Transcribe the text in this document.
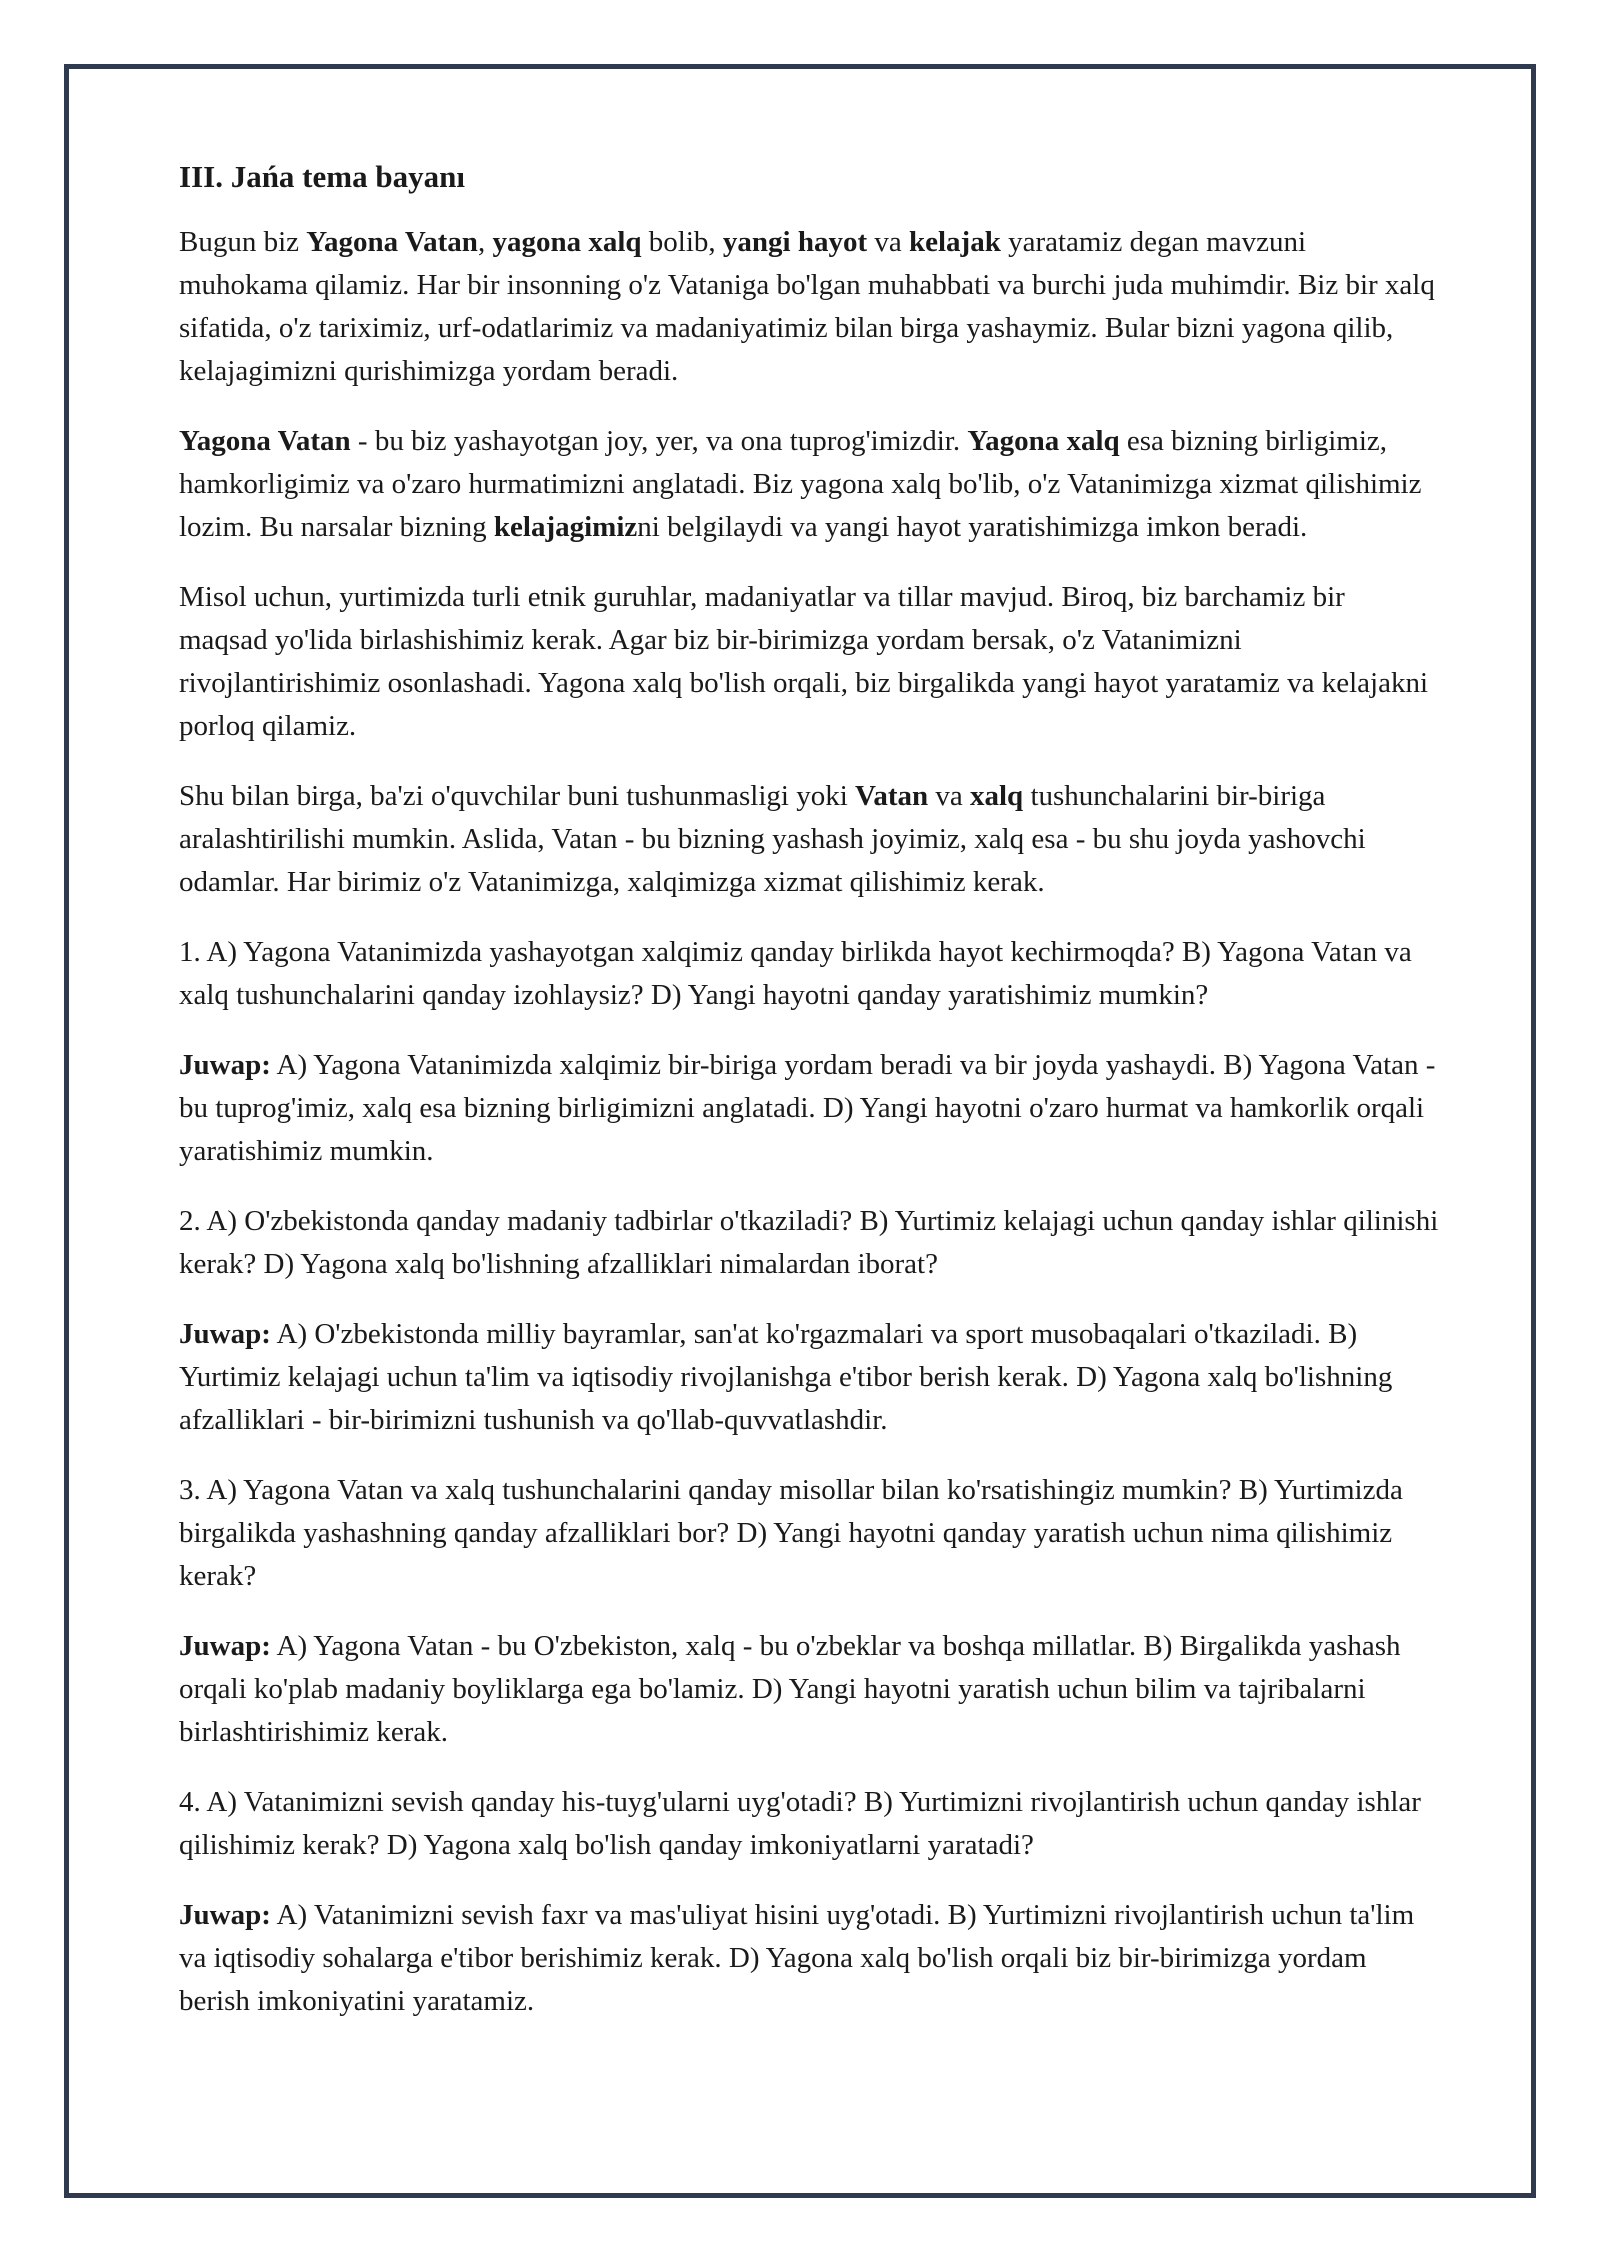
III. Jańa tema bayanı

Bugun biz Yagona Vatan, yagona xalq bolib, yangi hayot va kelajak yaratamiz degan mavzuni muhokama qilamiz. Har bir insonning o'z Vataniga bo'lgan muhabbati va burchi juda muhimdir. Biz bir xalq sifatida, o'z tariximiz, urf-odatlarimiz va madaniyatimiz bilan birga yashaymiz. Bular bizni yagona qilib, kelajagimizni qurishimizga yordam beradi.

Yagona Vatan - bu biz yashayotgan joy, yer, va ona tuprog'imizdir. Yagona xalq esa bizning birligimiz, hamkorligimiz va o'zaro hurmatimizni anglatadi. Biz yagona xalq bo'lib, o'z Vatanimizga xizmat qilishimiz lozim. Bu narsalar bizning kelajagimizni belgilaydi va yangi hayot yaratishimizga imkon beradi.

Misol uchun, yurtimizda turli etnik guruhlar, madaniyatlar va tillar mavjud. Biroq, biz barchamiz bir maqsad yo'lida birlashishimiz kerak. Agar biz bir-birimizga yordam bersak, o'z Vatanimizni rivojlantirishimiz osonlashadi. Yagona xalq bo'lish orqali, biz birgalikda yangi hayot yaratamiz va kelajakni porloq qilamiz.

Shu bilan birga, ba'zi o'quvchilar buni tushunmasligi yoki Vatan va xalq tushunchalarini bir-biriga aralashtirilishi mumkin. Aslida, Vatan - bu bizning yashash joyimiz, xalq esa - bu shu joyda yashovchi odamlar. Har birimiz o'z Vatanimizga, xalqimizga xizmat qilishimiz kerak.

1. A) Yagona Vatanimizda yashayotgan xalqimiz qanday birlikda hayot kechirmoqda? B) Yagona Vatan va xalq tushunchalarini qanday izohlaysiz? D) Yangi hayotni qanday yaratishimiz mumkin?

Juwap: A) Yagona Vatanimizda xalqimiz bir-biriga yordam beradi va bir joyda yashaydi. B) Yagona Vatan - bu tuprog'imiz, xalq esa bizning birligimizni anglatadi. D) Yangi hayotni o'zaro hurmat va hamkorlik orqali yaratishimiz mumkin.

2. A) O'zbekistonda qanday madaniy tadbirlar o'tkaziladi? B) Yurtimiz kelajagi uchun qanday ishlar qilinishi kerak? D) Yagona xalq bo'lishning afzalliklari nimalardan iborat?

Juwap: A) O'zbekistonda milliy bayramlar, san'at ko'rgazmalari va sport musobaqalari o'tkaziladi. B) Yurtimiz kelajagi uchun ta'lim va iqtisodiy rivojlanishga e'tibor berish kerak. D) Yagona xalq bo'lishning afzalliklari - bir-birimizni tushunish va qo'llab-quvvatlashdir.

3. A) Yagona Vatan va xalq tushunchalarini qanday misollar bilan ko'rsatishingiz mumkin? B) Yurtimizda birgalikda yashashning qanday afzalliklari bor? D) Yangi hayotni qanday yaratish uchun nima qilishimiz kerak?

Juwap: A) Yagona Vatan - bu O'zbekiston, xalq - bu o'zbeklar va boshqa millatlar. B) Birgalikda yashash orqali ko'plab madaniy boyliklarga ega bo'lamiz. D) Yangi hayotni yaratish uchun bilim va tajribalarni birlashtirishimiz kerak.

4. A) Vatanimizni sevish qanday his-tuyg'ularni uyg'otadi? B) Yurtimizni rivojlantirish uchun qanday ishlar qilishimiz kerak? D) Yagona xalq bo'lish qanday imkoniyatlarni yaratadi?

Juwap: A) Vatanimizni sevish faxr va mas'uliyat hisini uyg'otadi. B) Yurtimizni rivojlantirish uchun ta'lim va iqtisodiy sohalarga e'tibor berishimiz kerak. D) Yagona xalq bo'lish orqali biz bir-birimizga yordam berish imkoniyatini yaratamiz.
